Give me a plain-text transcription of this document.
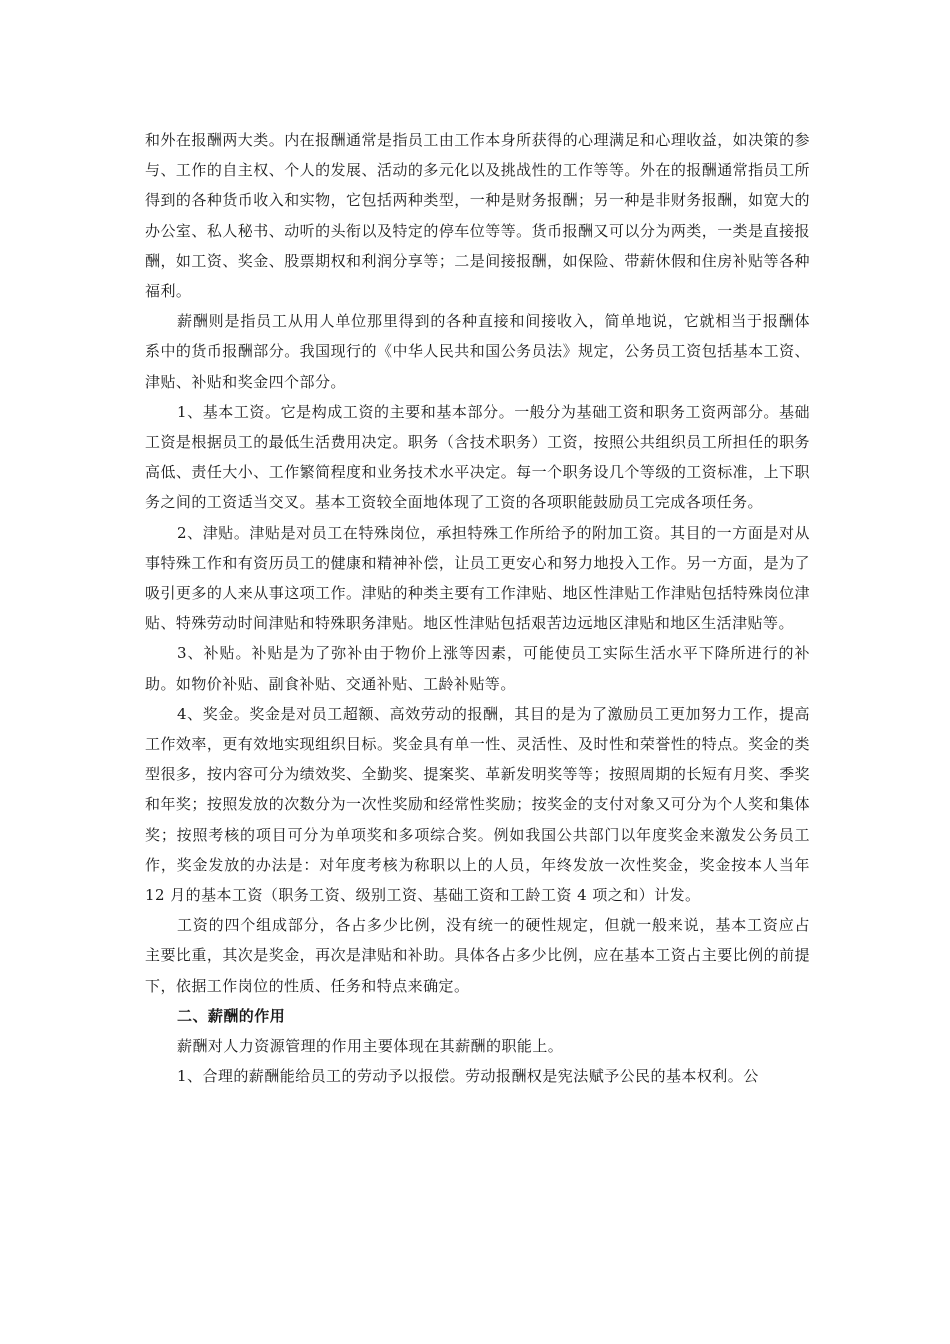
和外在报酬两大类。内在报酬通常是指员工由工作本身所获得的心理满足和心理收益，如决策的参与、工作的自主权、个人的发展、活动的多元化以及挑战性的工作等等。外在的报酬通常指员工所得到的各种货币收入和实物，它包括两种类型，一种是财务报酬；另一种是非财务报酬，如宽大的办公室、私人秘书、动听的头衔以及特定的停车位等等。货币报酬又可以分为两类，一类是直接报酬，如工资、奖金、股票期权和利润分享等；二是间接报酬，如保险、带薪休假和住房补贴等各种福利。

薪酬则是指员工从用人单位那里得到的各种直接和间接收入，简单地说，它就相当于报酬体系中的货币报酬部分。我国现行的《中华人民共和国公务员法》规定，公务员工资包括基本工资、津贴、补贴和奖金四个部分。

1、基本工资。它是构成工资的主要和基本部分。一般分为基础工资和职务工资两部分。基础工资是根据员工的最低生活费用决定。职务（含技术职务）工资，按照公共组织员工所担任的职务高低、责任大小、工作繁简程度和业务技术水平决定。每一个职务设几个等级的工资标准，上下职务之间的工资适当交叉。基本工资较全面地体现了工资的各项职能鼓励员工完成各项任务。

2、津贴。津贴是对员工在特殊岗位，承担特殊工作所给予的附加工资。其目的一方面是对从事特殊工作和有资历员工的健康和精神补偿，让员工更安心和努力地投入工作。另一方面，是为了吸引更多的人来从事这项工作。津贴的种类主要有工作津贴、地区性津贴工作津贴包括特殊岗位津贴、特殊劳动时间津贴和特殊职务津贴。地区性津贴包括艰苦边远地区津贴和地区生活津贴等。

3、补贴。补贴是为了弥补由于物价上涨等因素，可能使员工实际生活水平下降所进行的补助。如物价补贴、副食补贴、交通补贴、工龄补贴等。

4、奖金。奖金是对员工超额、高效劳动的报酬，其目的是为了激励员工更加努力工作，提高工作效率，更有效地实现组织目标。奖金具有单一性、灵活性、及时性和荣誉性的特点。奖金的类型很多，按内容可分为绩效奖、全勤奖、提案奖、革新发明奖等等；按照周期的长短有月奖、季奖和年奖；按照发放的次数分为一次性奖励和经常性奖励；按奖金的支付对象又可分为个人奖和集体奖；按照考核的项目可分为单项奖和多项综合奖。例如我国公共部门以年度奖金来激发公务员工作，奖金发放的办法是：对年度考核为称职以上的人员，年终发放一次性奖金，奖金按本人当年 12 月的基本工资（职务工资、级别工资、基础工资和工龄工资 4 项之和）计发。

工资的四个组成部分，各占多少比例，没有统一的硬性规定，但就一般来说，基本工资应占主要比重，其次是奖金，再次是津贴和补助。具体各占多少比例，应在基本工资占主要比例的前提下，依据工作岗位的性质、任务和特点来确定。

二、薪酬的作用

薪酬对人力资源管理的作用主要体现在其薪酬的职能上。

1、合理的薪酬能给员工的劳动予以报偿。劳动报酬权是宪法赋予公民的基本权利。公
